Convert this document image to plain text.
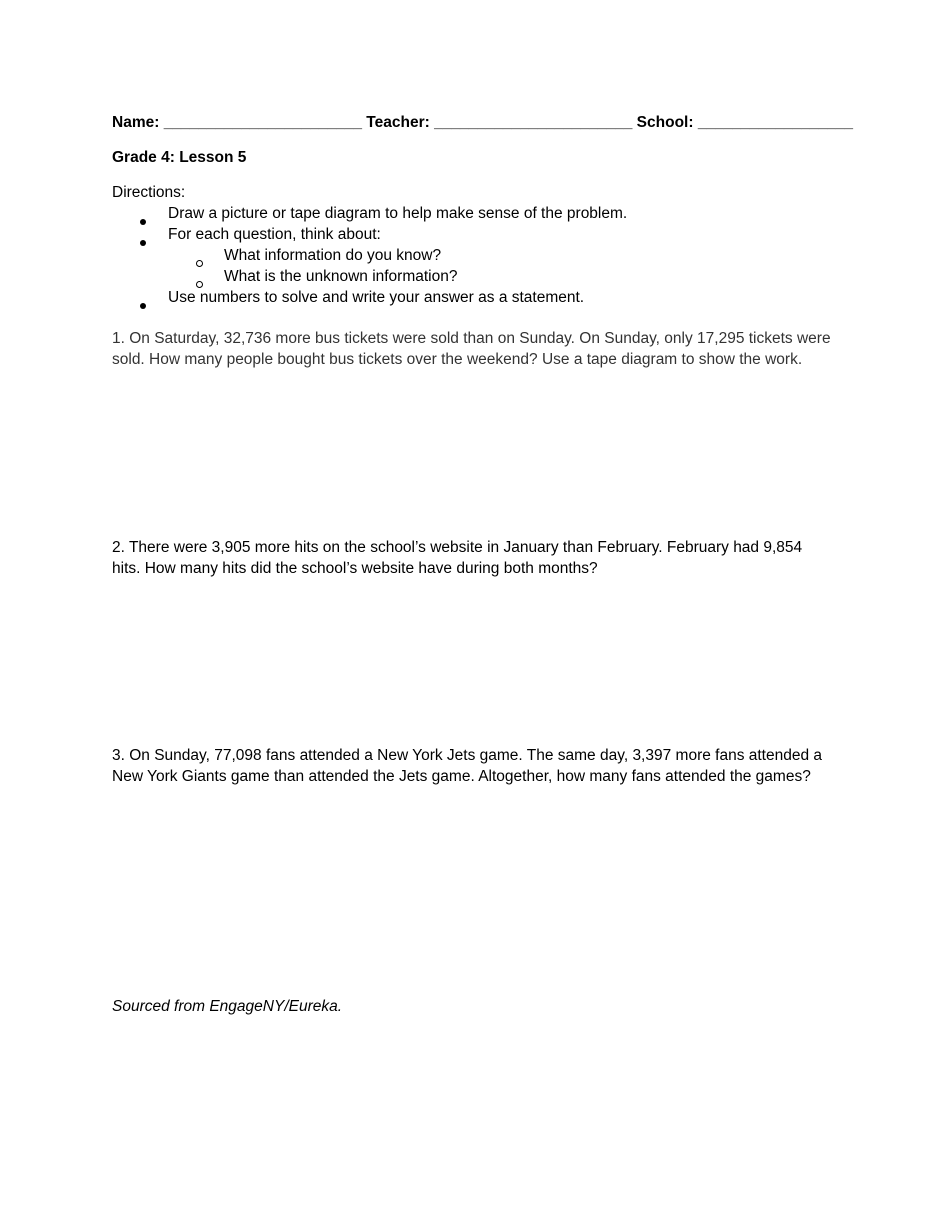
Name: _______________________ Teacher: _______________________ School: __________________
Grade 4: Lesson 5
Directions:
Draw a picture or tape diagram to help make sense of the problem.
For each question, think about:
What information do you know?
What is the unknown information?
Use numbers to solve and write your answer as a statement.
1. On Saturday, 32,736 more bus tickets were sold than on Sunday. On Sunday, only 17,295 tickets were
sold. How many people bought bus tickets over the weekend? Use a tape diagram to show the work.
2. There were 3,905 more hits on the school’s website in January than February. February had 9,854
hits. How many hits did the school’s website have during both months?
3. On Sunday, 77,098 fans attended a New York Jets game. The same day, 3,397 more fans attended a
New York Giants game than attended the Jets game. Altogether, how many fans attended the games?
Sourced from EngageNY/Eureka.
